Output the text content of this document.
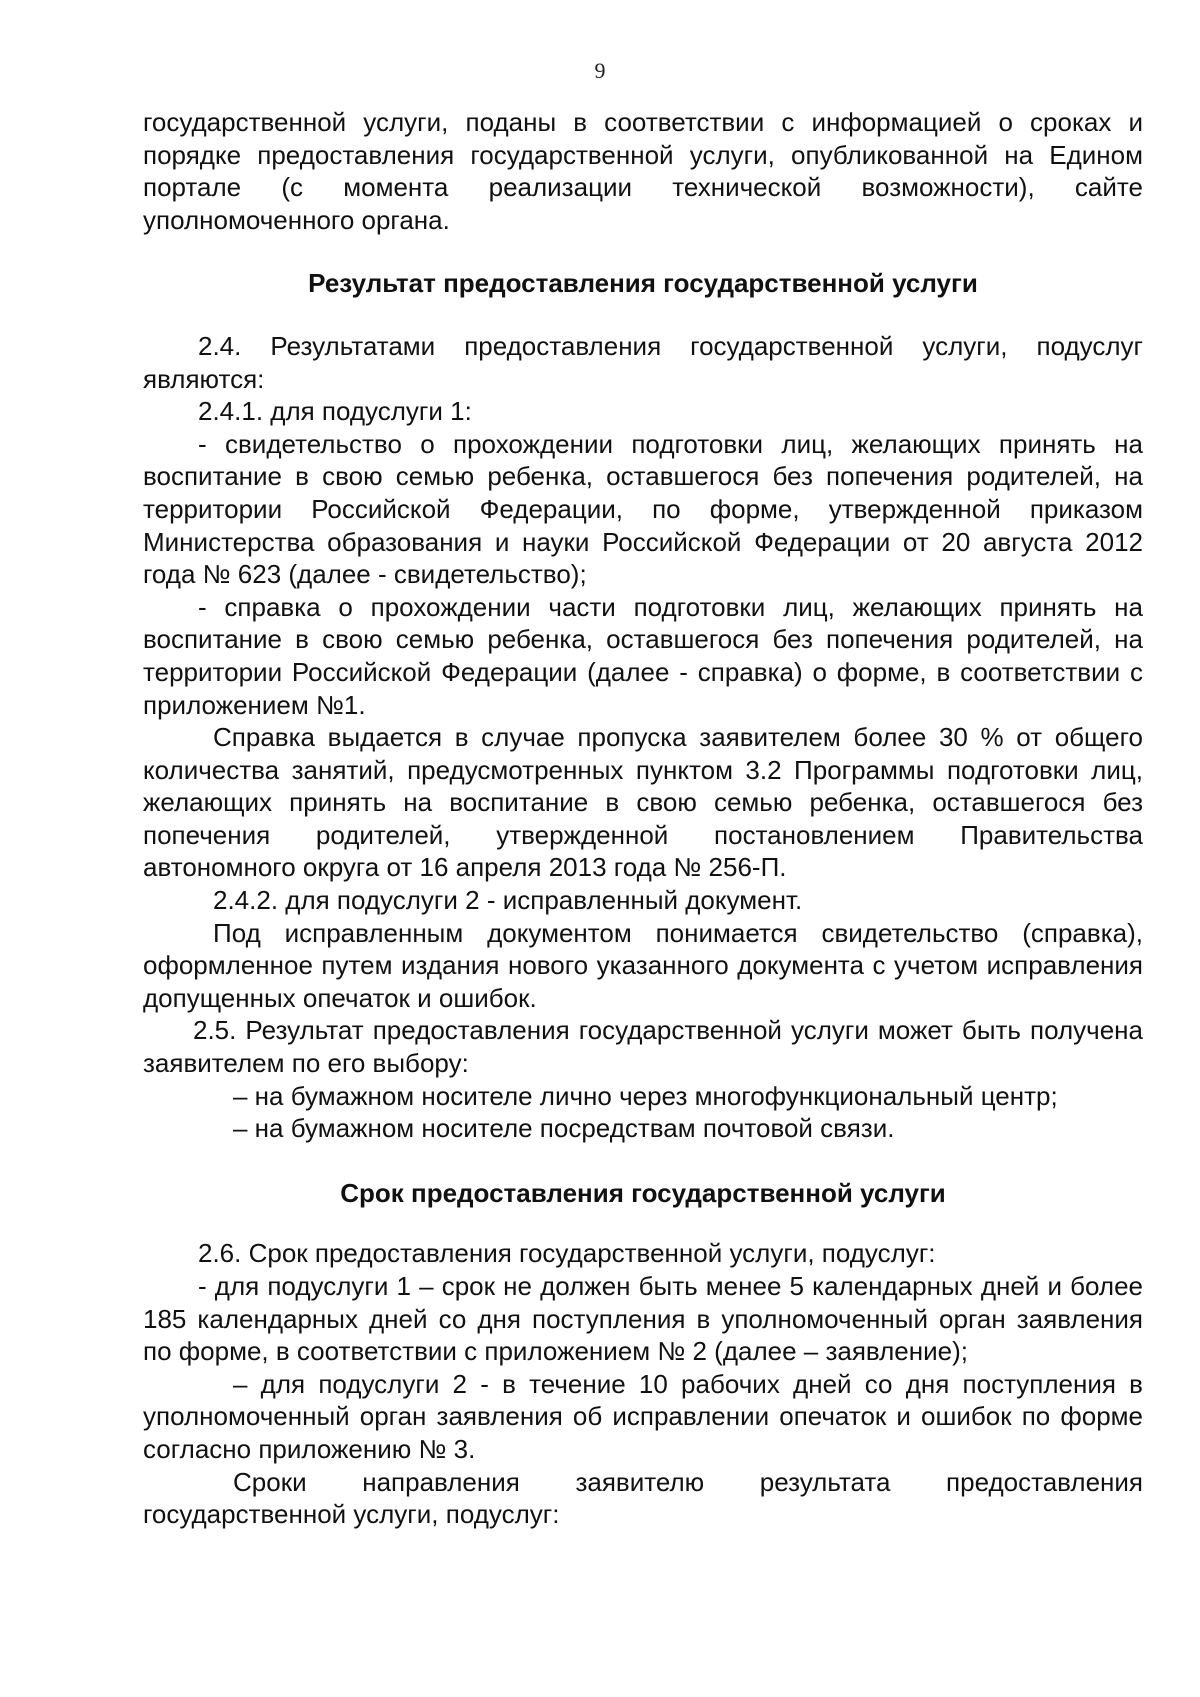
9

государственной услуги, поданы в соответствии с информацией о сроках и порядке предоставления государственной услуги, опубликованной на Едином портале (с момента реализации технической возможности), сайте уполномоченного органа.

Результат предоставления государственной услуги

2.4. Результатами предоставления государственной услуги, подуслуг являются:

2.4.1. для подуслуги 1:

- свидетельство о прохождении подготовки лиц, желающих принять на воспитание в свою семью ребенка, оставшегося без попечения родителей, на территории Российской Федерации, по форме, утвержденной приказом Министерства образования и науки Российской Федерации от 20 августа 2012 года № 623 (далее - свидетельство);

- справка о прохождении части подготовки лиц, желающих принять на воспитание в свою семью ребенка, оставшегося без попечения родителей, на территории Российской Федерации (далее - справка) о форме, в соответствии с приложением №1.

Справка выдается в случае пропуска заявителем более 30 % от общего количества занятий, предусмотренных пунктом 3.2 Программы подготовки лиц, желающих принять на воспитание в свою семью ребенка, оставшегося без попечения родителей, утвержденной постановлением Правительства автономного округа от 16 апреля 2013 года № 256-П.

2.4.2. для подуслуги 2 - исправленный документ.

Под исправленным документом понимается свидетельство (справка), оформленное путем издания нового указанного документа с учетом исправления допущенных опечаток и ошибок.

2.5. Результат предоставления государственной услуги может быть получена заявителем по его выбору:

– на бумажном носителе лично через многофункциональный центр;

– на бумажном носителе посредствам почтовой связи.

Срок предоставления государственной услуги

2.6. Срок предоставления государственной услуги, подуслуг:

- для подуслуги 1 – срок не должен быть менее 5 календарных дней и более 185 календарных дней со дня поступления в уполномоченный орган заявления по форме, в соответствии с приложением № 2 (далее – заявление);

– для подуслуги 2 - в течение 10 рабочих дней со дня поступления в уполномоченный орган заявления об исправлении опечаток и ошибок по форме согласно приложению № 3.

Сроки направления заявителю результата предоставления государственной услуги, подуслуг:
